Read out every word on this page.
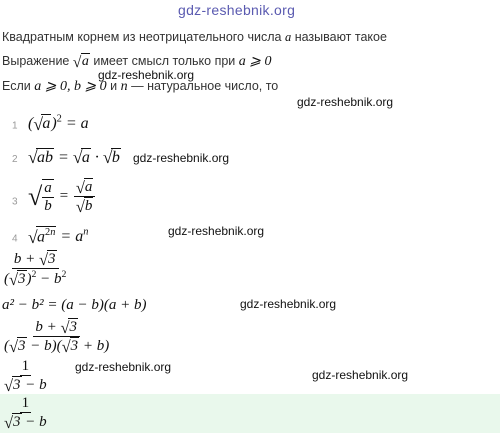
gdz-reshebnik.org
gdz-reshebnik.org
gdz-reshebnik.org
gdz-reshebnik.org
gdz-reshebnik.org
gdz-reshebnik.org
gdz-reshebnik.org
gdz-reshebnik.org
Квадратным корнем из неотрицательного числа a называют такое
Выражение √ a имеет смысл только при a ⩾ 0
Если a ⩾ 0, b ⩾ 0 и n — натуральное число, то
1 ( √ a)$^2$ = a
2 √ ab = √ a · √ b
3 √ $\frac{a}{b} = \frac{√ a}{√ b}$
4 √ $a^{2n} = a^n$
$\frac{b + √ 3}{( √ 3)^2 - b^2}$
a² − b² = (a − b)(a + b)
$\frac{b + √ 3}{( √ 3 - b)( √ 3 + b)}$
$\frac{1}{√ 3 - b}$
$\frac{1}{√ 3 - b}$
